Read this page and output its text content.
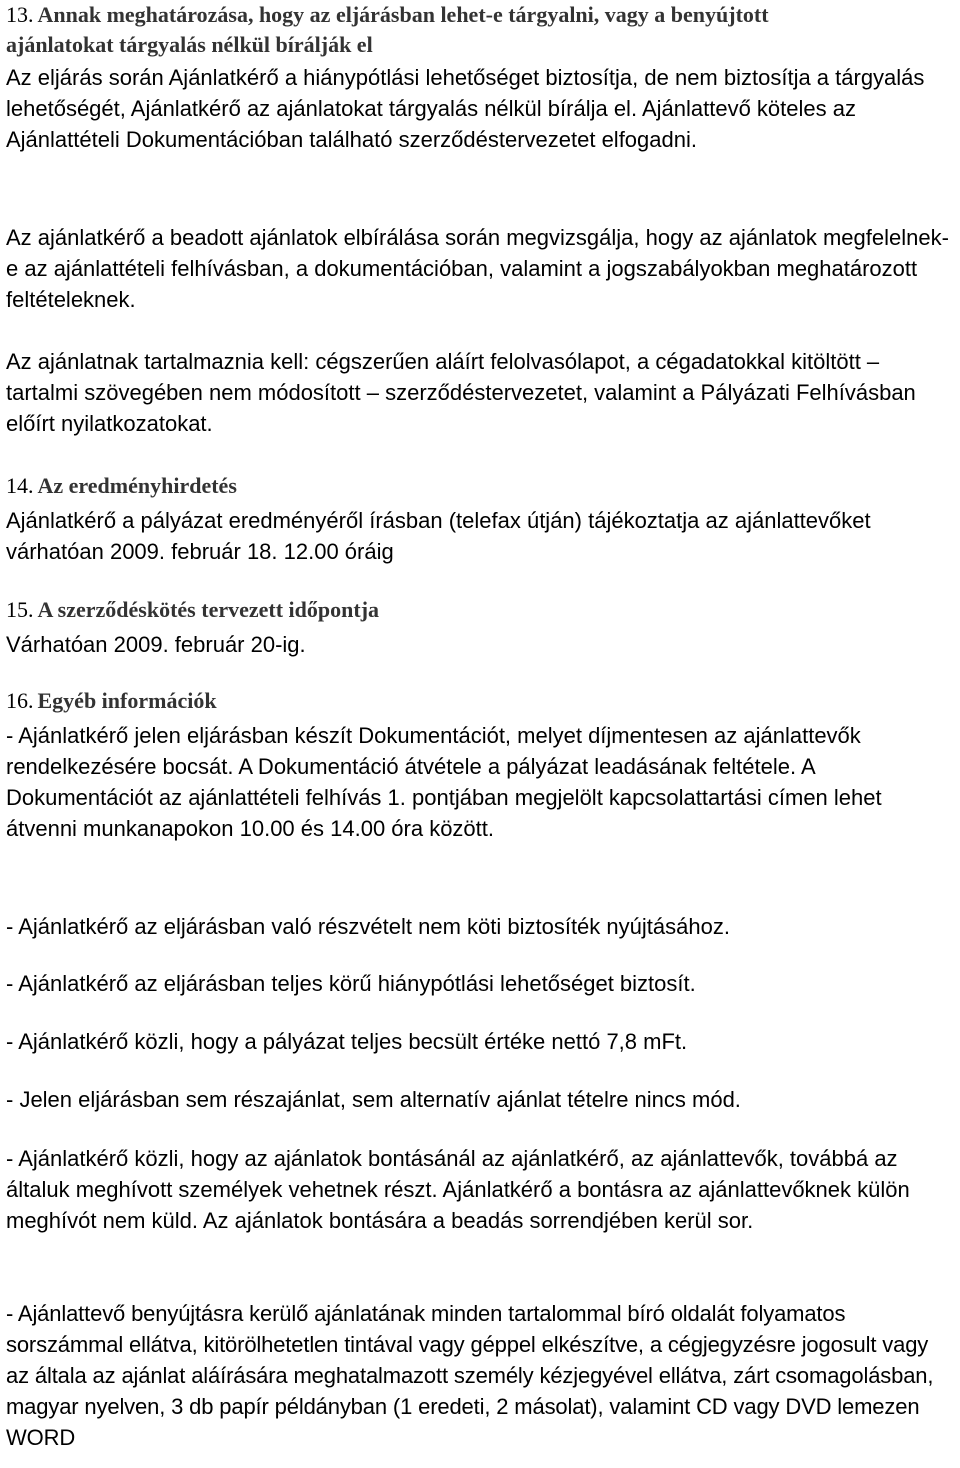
13. Annak meghatározása, hogy az eljárásban lehet-e tárgyalni, vagy a benyújtott
ajánlatokat tárgyalás nélkül bírálják el

Az eljárás során Ajánlatkérő a hiánypótlási lehetőséget biztosítja, de nem biztosítja a tárgyalás lehetőségét, Ajánlatkérő az ajánlatokat tárgyalás nélkül bírálja el. Ajánlattevő köteles az Ajánlattételi Dokumentációban található szerződéstervezetet elfogadni.

Az ajánlatkérő a beadott ajánlatok elbírálása során megvizsgálja, hogy az ajánlatok megfelelnek-e az ajánlattételi felhívásban, a dokumentációban, valamint a jogszabályokban meghatározott feltételeknek.

Az ajánlatnak tartalmaznia kell: cégszerűen aláírt felolvasólapot, a cégadatokkal kitöltött – tartalmi szövegében nem módosított – szerződéstervezetet, valamint a Pályázati Felhívásban előírt nyilatkozatokat.

14. Az eredményhirdetés

Ajánlatkérő a pályázat eredményéről írásban (telefax útján) tájékoztatja az ajánlattevőket várhatóan 2009. február 18. 12.00 óráig

15. A szerződéskötés tervezett időpontja

Várhatóan 2009. február 20-ig.

16. Egyéb információk

- Ajánlatkérő jelen eljárásban készít Dokumentációt, melyet díjmentesen az ajánlattevők rendelkezésére bocsát. A Dokumentáció átvétele a pályázat leadásának feltétele. A Dokumentációt az ajánlattételi felhívás 1. pontjában megjelölt kapcsolattartási címen lehet átvenni munkanapokon 10.00 és 14.00 óra között.

- Ajánlatkérő az eljárásban való részvételt nem köti biztosíték nyújtásához.

- Ajánlatkérő az eljárásban teljes körű hiánypótlási lehetőséget biztosít.

- Ajánlatkérő közli, hogy a pályázat teljes becsült értéke nettó 7,8 mFt.

- Jelen eljárásban sem részajánlat, sem alternatív ajánlat tételre nincs mód.

- Ajánlatkérő közli, hogy az ajánlatok bontásánál az ajánlatkérő, az ajánlattevők, továbbá az általuk meghívott személyek vehetnek részt. Ajánlatkérő a bontásra az ajánlattevőknek külön meghívót nem küld. Az ajánlatok bontására a beadás sorrendjében kerül sor.

- Ajánlattevő benyújtásra kerülő ajánlatának minden tartalommal bíró oldalát folyamatos sorszámmal ellátva, kitörölhetetlen tintával vagy géppel elkészítve, a cégjegyzésre jogosult vagy az általa az ajánlat aláírására meghatalmazott személy kézjegyével ellátva, zárt csomagolásban, magyar nyelven, 3 db papír példányban (1 eredeti, 2 másolat), valamint CD vagy DVD lemezen WORD
